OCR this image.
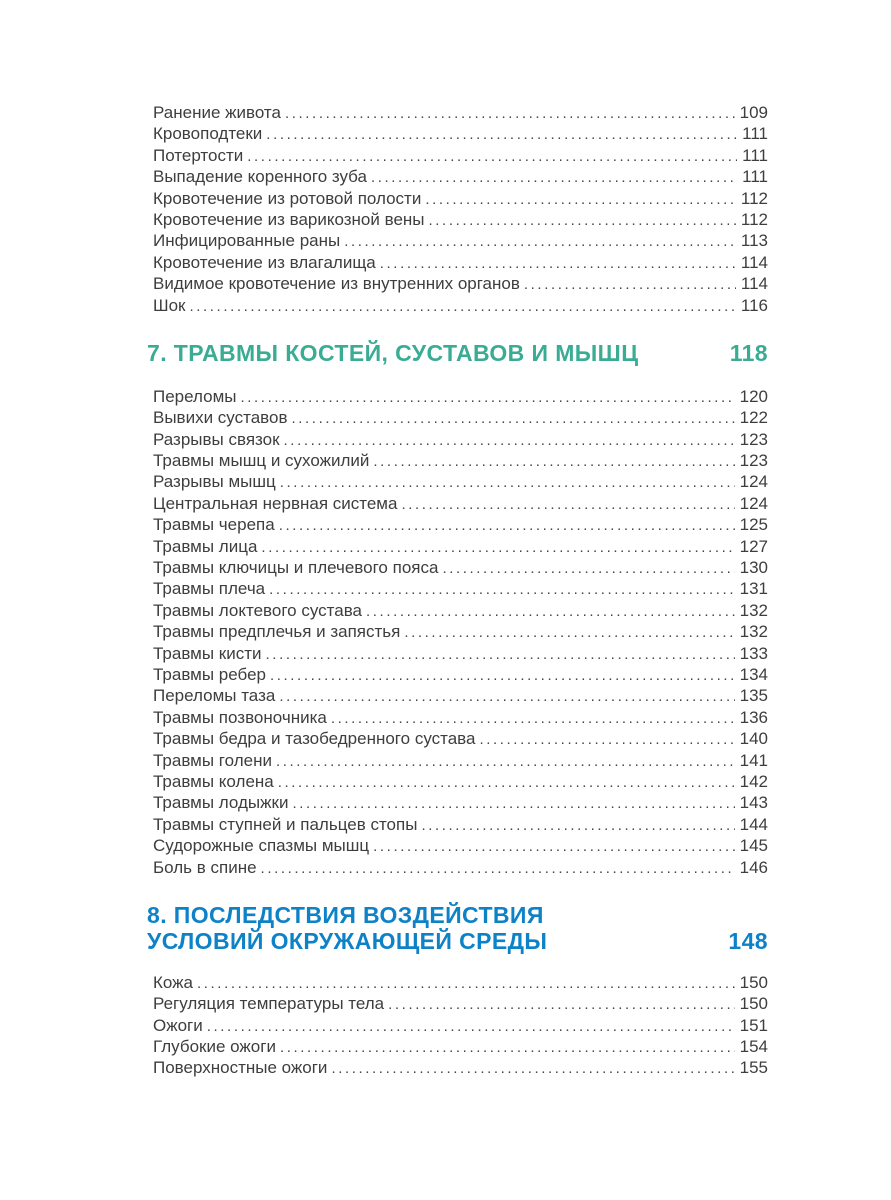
Ранение живота .....	109
Кровоподтеки .....	111
Потертости .....	111
Выпадение коренного зуба .....	111
Кровотечение из ротовой полости .....	112
Кровотечение из варикозной вены .....	112
Инфицированные раны .....	113
Кровотечение из влагалища .....	114
Видимое кровотечение из внутренних органов .....	114
Шок .....	116
7. ТРАВМЫ КОСТЕЙ, СУСТАВОВ И МЫШЦ	118
Переломы .....	120
Вывихи суставов .....	122
Разрывы связок .....	123
Травмы мышц и сухожилий .....	123
Разрывы мышц .....	124
Центральная нервная система .....	124
Травмы черепа .....	125
Травмы лица .....	127
Травмы ключицы и плечевого пояса .....	130
Травмы плеча .....	131
Травмы локтевого сустава .....	132
Травмы предплечья и запястья .....	132
Травмы кисти .....	133
Травмы ребер .....	134
Переломы таза .....	135
Травмы позвоночника .....	136
Травмы бедра и тазобедренного сустава .....	140
Травмы голени .....	141
Травмы колена .....	142
Травмы лодыжки .....	143
Травмы ступней и пальцев стопы .....	144
Судорожные спазмы мышц .....	145
Боль в спине .....	146
8. ПОСЛЕДСТВИЯ ВОЗДЕЙСТВИЯ УСЛОВИЙ ОКРУЖАЮЩЕЙ СРЕДЫ	148
Кожа .....	150
Регуляция температуры тела .....	150
Ожоги .....	151
Глубокие ожоги .....	154
Поверхностные ожоги .....	155
